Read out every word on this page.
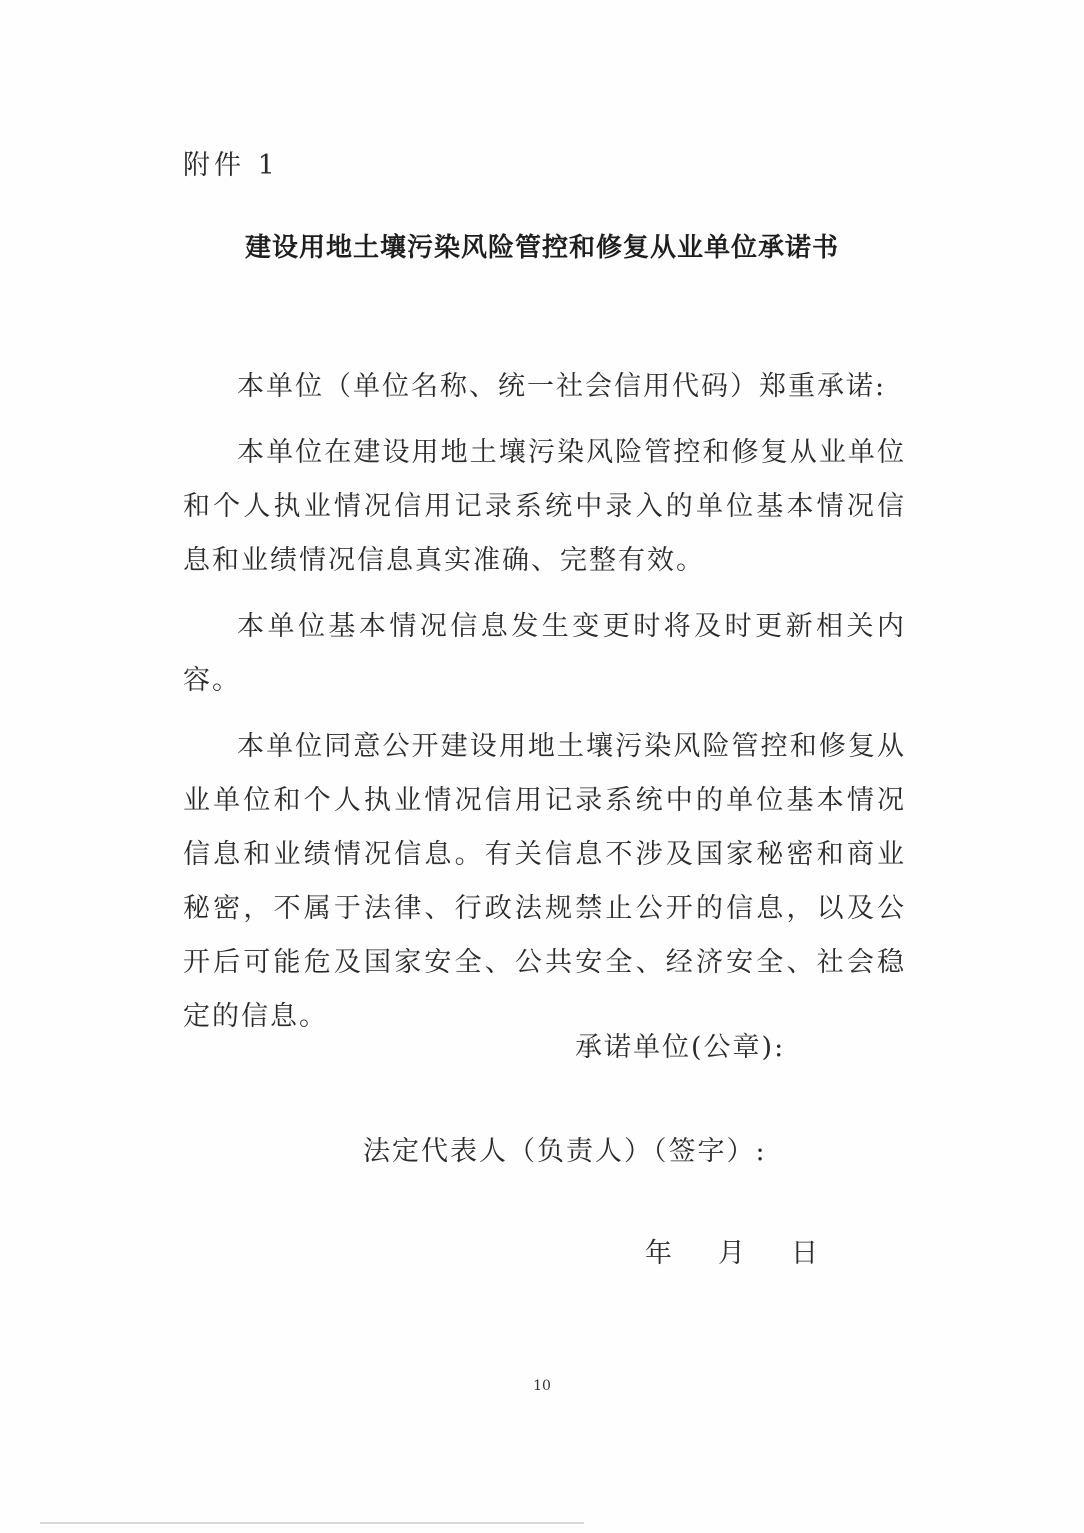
附件 1
建设用地土壤污染风险管控和修复从业单位承诺书

本单位（单位名称、统一社会信用代码）郑重承诺:

本单位在建设用地土壤污染风险管控和修复从业单位和个人执业情况信用记录系统中录入的单位基本情况信息和业绩情况信息真实准确、完整有效。

本单位基本情况信息发生变更时将及时更新相关内容。

本单位同意公开建设用地土壤污染风险管控和修复从业单位和个人执业情况信用记录系统中的单位基本情况信息和业绩情况信息。有关信息不涉及国家秘密和商业秘密，不属于法律、行政法规禁止公开的信息，以及公开后可能危及国家安全、公共安全、经济安全、社会稳定的信息。

承诺单位(公章):
法定代表人（负责人）（签字）:
年 月 日
10
